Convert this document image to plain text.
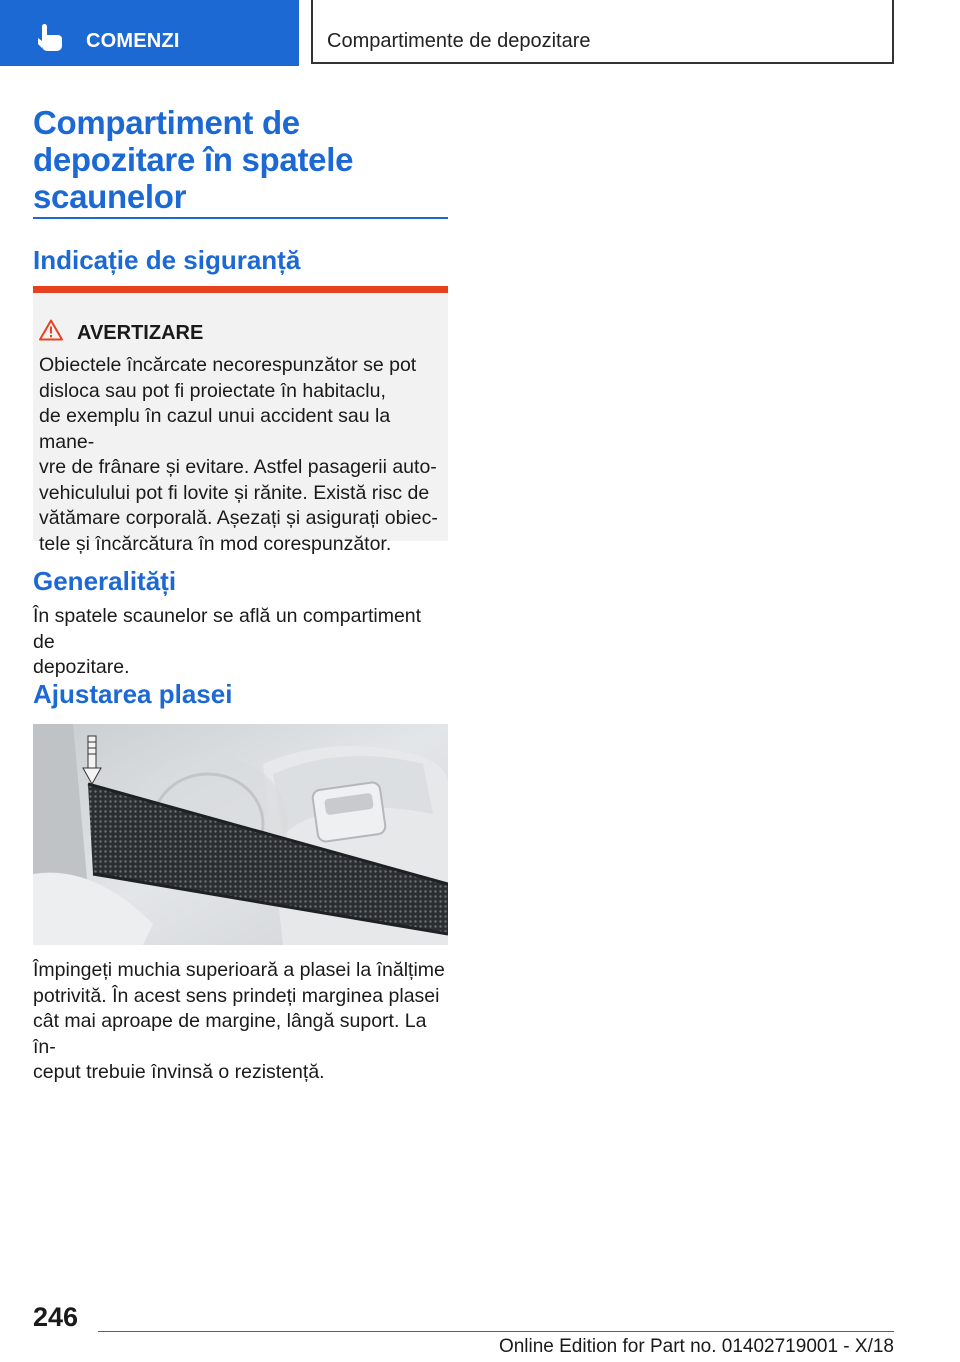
COMENZI	Compartimente de depozitare
Compartiment de
depozitare în spatele
scaunelor
Indicație de siguranță
AVERTIZARE
Obiectele încărcate necorespunzător se pot
disloca sau pot fi proiectate în habitaclu,
de exemplu în cazul unui accident sau la mane-
vre de frânare și evitare. Astfel pasagerii auto-
vehiculului pot fi lovite și rănite. Există risc de
vătămare corporală. Așezați și asigurați obiec-
tele și încărcătura în mod corespunzător.
Generalități
În spatele scaunelor se află un compartiment de
depozitare.
Ajustarea plasei
Împingeți muchia superioară a plasei la înălțime
potrivită. În acest sens prindeți marginea plasei
cât mai aproape de margine, lângă suport. La în-
ceput trebuie învinsă o rezistență.
246
Online Edition for Part no. 01402719001 - X/18
